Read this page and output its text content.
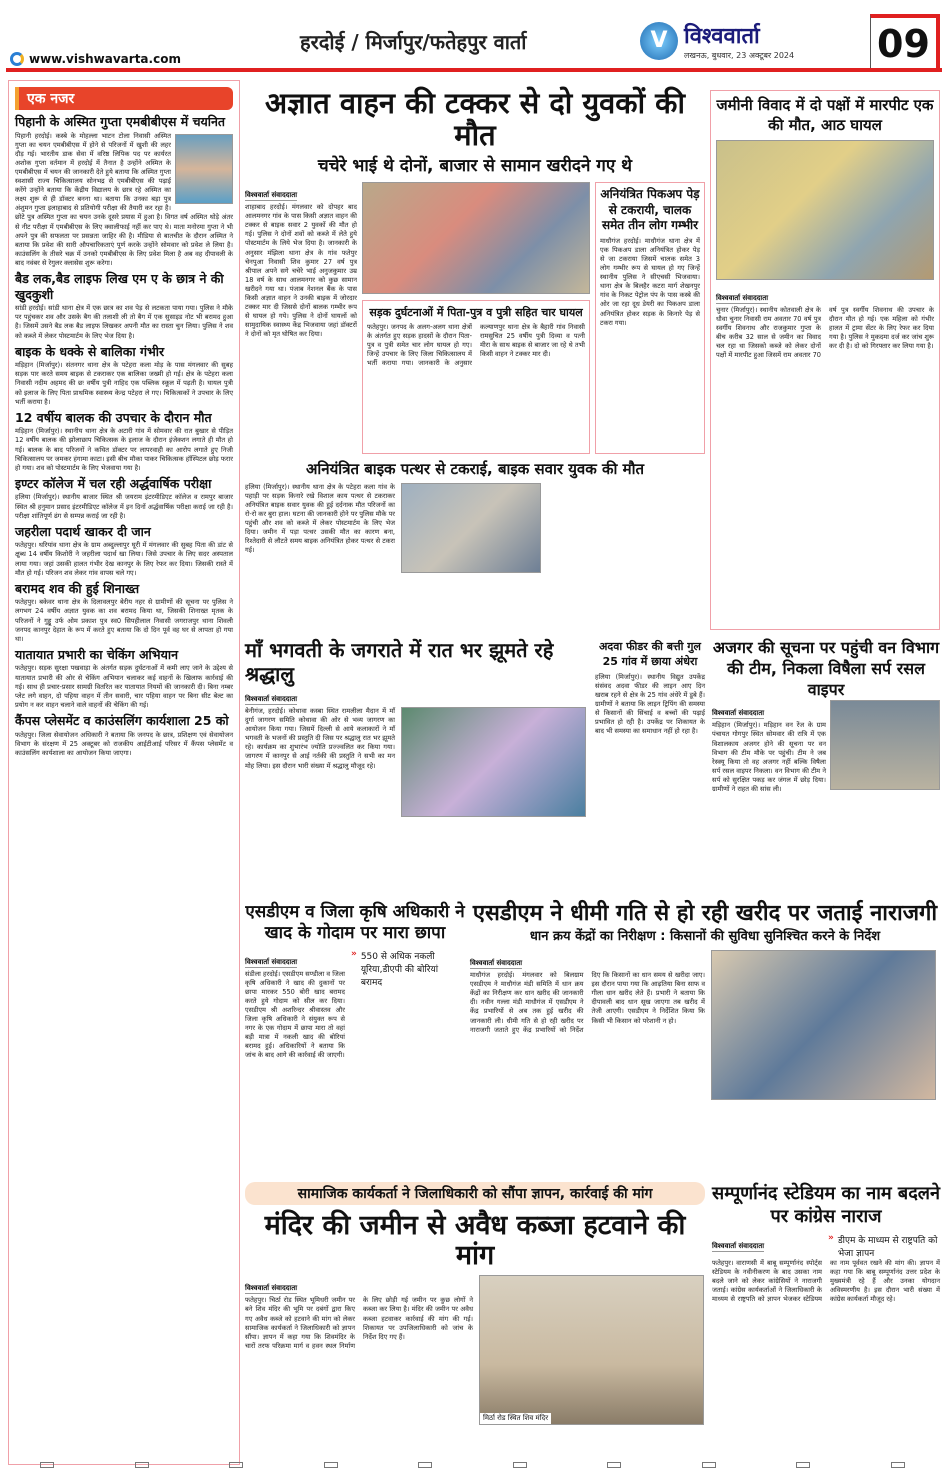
हरदोई / मिर्जापुर/फतेहपुर वार्ता
www.vishwavarta.com
V विश्ववार्ता
लखनऊ, बुधवार, 23 अक्टूबर 2024 09
एक नजर
पिहानी के अस्मित गुप्ता एमबीबीएस में चयनित

पिहानी हरदोई। कस्बे के मोहल्ला भाटन टोला निवासी अस्मित गुप्ता का चयन एमबीबीएस में होने से परिजनों में खुशी की लहर दौड़ गई। भारतीय डाक सेवा में वरिष्ठ लिपिक पद पर कार्यरत अशोक गुप्ता वर्तमान में हरदोई में तैनात है उन्होंने अस्मित के एमबीबीएस में चयन की जानकारी देते हुये बताया कि अस्मित गुप्ता स्वशासी राज्य चिकित्सालय सोनभद्र से एमबीबीएस की पढ़ाई करेंगे उन्होंने बताया कि केंद्रीय विद्यालय के छात्र रहे अस्मित का लक्ष्य शुरू से ही डॉक्टर बनना था। बताया कि उनका बड़ा पुत्र अंशुमन गुप्ता इलाहाबाद से प्रतियोगी परीक्षा की तैयारी कर रहा है। छोटे पुत्र अस्मित गुप्ता का चयन उनके दूसरे प्रयास में हुआ है। विगत वर्ष अस्मित थोड़े अंतर से नीट परीक्षा में एमबीबीएस के लिए क्वालीफाई नहीं कर पाए थे। माता मनोरमा गुप्ता ने भी अपने पुत्र की सफलता पर प्रसन्नता जाहिर की है। मीडिया से बातचीत के दौरान अस्मित ने बताया कि प्रवेश की सारी औपचारिकताएं पूर्ण करके उन्होंने सोमवार को प्रवेश ले लिया है। काउंसलिंग के तीसरे चक्र में उनको एमबीबीएस के लिए प्रवेश मिला है अब वह दीपावली के बाद नवंबर से रेगुलर क्लासेस शुरू करेगा।

बैड लक,बैड लाइफ लिख एम ए के छात्र ने की खुदकुशी

सांडी हरदोई। सांडी थाना क्षेत्र में एक छात्र का शव पेड़ से लटकता पाया गया। पुलिस ने मौके पर पहुंचकर शव और उसके बैग की तलाशी ली तो बैग में एक सुसाइड नोट भी बरामद हुआ है। जिसमें उसने बैड लक बैड लाइफ लिखकर अपनी मौत का रास्ता चुन लिया। पुलिस ने शव को कब्जे में लेकर पोस्टमार्टम के लिए भेज दिया है।

बाइक के धक्के से बालिका गंभीर

मड़िहान (मिर्जापुर)। संतनगर थाना क्षेत्र के पटेहरा कला मोड़ के पास मंगलवार की सुबह सड़क पार करते समय बाइक से टकराकर एक बालिका जख्मी हो गई। क्षेत्र के पटेहरा कला निवासी नदीम अहमद की छः वर्षीय पुत्री नाहिद एक पब्लिक स्कूल में पढ़ती है। घायल पुत्री को इलाज के लिए पिता प्राथमिक स्वास्थ्य केन्द्र पटेहरा ले गए। चिकित्सकों ने उपचार के लिए भर्ती कराया है।

12 वर्षीय बालक की उपचार के दौरान मौत

मड़िहान (मिर्जापुर)। स्थानीय थाना क्षेत्र के अटारी गांव में सोमवार की रात बुखार से पीड़ित 12 वर्षीय बालक की झोलाछाप चिकित्सक के इलाज के दौरान इंजेक्शन लगाते ही मौत हो गई। बालक के बाद परिजनों ने कथित डॉक्टर पर लापरवाही का आरोप लगाते हुए निजी चिकित्सालय पर जमकर हंगामा काटा। इसी बीच मौका पाकर चिकित्सक हॉस्पिटल छोड़ फरार हो गया। शव को पोस्टमार्टम के लिए भेजवाया गया है।

इण्टर कॉलेज में चल रही अर्द्धवार्षिक परीक्षा

हलिया (मिर्जापुर)। स्थानीय बाजार स्थित श्री जयराम इंटरमीडिएट कॉलेज व रामपुर बाजार स्थित श्री हनुमान प्रसाद इंटरमीडिएट कॉलेज में इन दिनों अर्द्धवार्षिक परीक्षा कराई जा रही है। परीक्षा शांतिपूर्ण ढंग से सम्पन्न कराई जा रही है।

जहरीला पदार्थ खाकर दी जान

फतेहपुर। थरियांव थाना क्षेत्र के ग्राम अब्दुल्लापुर घूरी में मंगलवार की सुबह पिता की डांट से क्षुब्ध 14 वर्षीय किशोरी ने जहरीला पदार्थ खा लिया। जिसे उपचार के लिए सदर अस्पताल लाया गया। जहां उसकी हालत गंभीर देख कानपुर के लिए रेफर कर दिया। जिसकी रास्ते में मौत हो गई। परिजन शव लेकर गांव वापस चले गए।

बरामद शव की हुई शिनाख्त

फतेहपुर। बकेवर थाना क्षेत्र के दिलावलपुर बेरीय नहर से ग्रामीणों की सूचना पर पुलिस ने लगभग 24 वर्षीय अज्ञात युवक का शव बरामद किया था, जिसकी शिनाख्त मृतक के परिजनों ने गुड्डू उर्फ ओम प्रकाश पुत्र स्व0 सिपहीलाल निवासी जगराजपुर थाना शिवली जनपद कानपुर देहात के रूप में करते हुए बताया कि दो दिन पूर्व वह घर से लापता हो गया था।

यातायात प्रभारी का चेकिंग अभियान

फतेहपुर। सड़क सुरक्षा पखवाड़ा के अंतर्गत सड़क दुर्घटनाओं में कमी लाए जाने के उद्देश्य से यातायात प्रभारी की ओर से चेकिंग अभियान चलाकर कई वाहनों के खिलाफ कार्रवाई की गई। साथ ही प्रचार-प्रसार सामग्री वितरित कर यातायात नियमों की जानकारी दी। बिना नम्बर प्लेट लगे वाहन, दो पहिया वाहन में तीन सवारी, चार पहिया वाहन पर बिना सीट बेल्ट का प्रयोग न कर वाहन चलाने वाले वाहनों की चेकिंग की गई।

कैंपस प्लेसमेंट व काउंसलिंग कार्यशाला 25 को

फतेहपुर। जिला सेवायोजन अधिकारी ने बताया कि जनपद के छात्र, प्रशिक्षण एवं सेवायोजन विभाग के संरक्षण में 25 अक्टूबर को राजकीय आईटीआई परिसर में कैंपस प्लेसमेंट व काउंसलिंग कार्यशाला का आयोजन किया जाएगा।

अज्ञात वाहन की टक्कर से दो युवकों की मौत
चचेरे भाई थे दोनों, बाजार से सामान खरीदने गए थे
विश्ववार्ता संवाददाता

शाहाबाद हरदोई। मंगलवार को दोपहर बाद आलमनगर गांव के पास किसी अज्ञात वाहन की टक्कर से बाइक सवार 2 युवकों की मौत हो गई। पुलिस ने दोनों शवों को कब्जे में लेते हुये पोस्टमार्टम के लिये भेज दिया है। जानकारी के अनुसार मंझिला थाना क्षेत्र के गांव फतेपुर चेनपुआ निवासी शिव कुमार 27 वर्ष पुत्र श्रीपाल अपने सगे चचेरे भाई अनुजकुमार उम्र 18 वर्ष के साथ आलमनगर को कुछ सामान खरीदने गया था। पंजाब नेशनल बैंक के पास किसी अज्ञात वाहन ने उनकी बाइक में जोरदार टक्कर मार दी जिससे दोनों बालक गम्भीर रूप से घायल हो गये। पुलिस ने दोनों घायलों को सामुदायिक स्वास्थ्य केंद्र भिजवाया जहां डॉक्टरों ने दोनों को मृत घोषित कर दिया।

सड़क दुर्घटनाओं में पिता-पुत्र व पुत्री सहित चार घायल

फतेहपुर। जनपद के अलग-अलग थाना क्षेत्रों के अंतर्गत हुए सड़क हादसों के दौरान पिता-पुत्र व पुत्री समेत चार लोग घायल हो गए। जिन्हें उपचार के लिए जिला चिकित्सालय में भर्ती कराया गया। जानकारी के अनुसार कल्याणपुर थाना क्षेत्र के बैहारी गांव निवासी रामसुचित 25 वर्षीय पुत्री दिव्या व पत्नी मीरा के साथ बाइक से बाजार जा रहे थे तभी किसी वाहन ने टक्कर मार दी।

अनियंत्रित पिकअप पेड़ से टकरायी, चालक समेत तीन लोग गम्भीर

माधौगंज हरदोई। माधौगंज थाना क्षेत्र में एक पिकअप डाला अनियंत्रित होकर पेड़ से जा टकराया जिसमें चालक समेत 3 लोग गम्भीर रूप से घायल हो गए जिन्हें स्थानीय पुलिस ने सीएचसी भिजवाया। थाना क्षेत्र के बिलहैर कटरा मार्ग शेखनपुर गांव के निकट पेट्रोल पंप के पास कस्बे की ओर जा रहा दूध डेयरी का पिकअप डाला अनियंत्रित होकर सड़क के किनारे पेड़ से टकरा गया।

अनियंत्रित बाइक पत्थर से टकराई, बाइक सवार युवक की मौत

हलिया (मिर्जापुर)। स्थानीय थाना क्षेत्र के पटेहरा कला गांव के पहाड़ी पर सड़क किनारे रखे विशाल काय पत्थर से टकराकर अनियंत्रित बाइक सवार युवक की हुई दर्दनाक मौत परिजनों का रो-रो कर बुरा हाल। घटना की जानकारी होने पर पुलिस मौके पर पहुंची और शव को कब्जे में लेकर पोस्टमार्टम के लिए भेज दिया। जमीन में पड़ा पत्थर उसकी मौत का कारण बना, रिश्तेदारी से लौटते समय बाइक अनियंत्रित होकर पत्थर से टकरा गई।

जमीनी विवाद में दो पक्षों में मारपीट एक की मौत, आठ घायल
विश्ववार्ता संवाददाता

चुनार (मिर्जापुर)। स्थानीय कोतवाली क्षेत्र के धौवा चुनार निवासी राम अवतार 70 वर्ष पुत्र स्वर्गीय शिवनाथ और राजकुमार गुप्ता के बीच करीब 32 साल से जमीन का विवाद चल रहा था जिसको कब्जे को लेकर दोनों पक्षों में मारपीट हुआ जिसमें राम अवतार 70 वर्ष पुत्र स्वर्गीय शिवनाथ की उपचार के दौरान मौत हो गई। एक महिला को गंभीर हालत में ट्रामा सेंटर के लिए रेफर कर दिया गया है। पुलिस ने मुकदमा दर्ज कर जांच शुरू कर दी है। दो को गिरफ्तार कर लिया गया है।

माँ भगवती के जगराते में रात भर झूमते रहे श्रद्धालु
विश्ववार्ता संवाददाता

बेनीगंज, हरदोई। कोथावा कस्बा स्थित रामलीला मैदान में माँ दुर्गा जागरण समिति कोथावा की ओर से भव्य जागरण का आयोजन किया गया। जिसमें दिल्ली से आये कलाकारों ने माँ भगवती के भजनों की प्रस्तुति दी जिस पर श्रद्धालु रात भर झूमते रहे। कार्यक्रम का शुभारंभ ज्योति प्रज्ज्वलित कर किया गया। जागरण में कानपुर से आई नर्तकी की प्रस्तुति ने सभी का मन मोह लिया। इस दौरान भारी संख्या में श्रद्धालु मौजूद रहे।

अदवा फीडर की बत्ती गुल 25 गांव में छाया अंधेरा

हलिया (मिर्जापुर)। स्थानीय विद्युत उपकेंद्र संसंवद अदवा फीडर की लाइन आए दिन खराब रहने से क्षेत्र के 25 गांव अंधेरे में डूबे हैं। ग्रामीणों ने बताया कि लाइन ट्रिपिंग की समस्या से किसानों की सिंचाई व बच्चों की पढ़ाई प्रभावित हो रही है। उपकेंद्र पर शिकायत के बाद भी समस्या का समाधान नहीं हो रहा है।

अजगर की सूचना पर पहुंची वन विभाग की टीम, निकला विषैला सर्प रसल वाइपर
विश्ववार्ता संवाददाता

मड़िहान (मिर्जापुर)। मड़िहान वन रेंज के ग्राम पंचायत गोगपुर स्थित सोमवार की रात्रि में एक विशालकाय अजगर होने की सूचना पर वन विभाग की टीम मौके पर पहुंची। टीम ने जब रेस्क्यू किया तो वह अजगर नहीं बल्कि विषैला सर्प रसल वाइपर निकला। वन विभाग की टीम ने सर्प को सुरक्षित पकड़ कर जंगल में छोड़ दिया। ग्रामीणों ने राहत की सांस ली।

एसडीएम व जिला कृषि अधिकारी ने खाद के गोदाम पर मारा छापा
विश्ववार्ता संवाददाता

संडीला हरदोई। एसडीएम सण्डीला व जिला कृषि अधिकारी ने खाद की दुकानों पर छापा मारकर 550 बोरी खाद बरामद करते हुये गोदाम को सील कर दिया। एसडीएम श्री अशरिन्दर श्रीवास्तव और जिला कृषि अधिकारी ने संयुक्त रूप से नगर के एक गोदाम में छापा मारा तो वहां बड़ी मात्रा में नकली खाद की बोरियां बरामद हुई। अधिकारियों ने बताया कि जांच के बाद आगे की कार्रवाई की जाएगी।

» 550 से अधिक नकली यूरिया,डीएपी की बोरियां बरामद
एसडीएम ने धीमी गति से हो रही खरीद पर जताई नाराजगी
धान क्रय केंद्रों का निरीक्षण : किसानों की सुविधा सुनिश्चित करने के निर्देश
विश्ववार्ता संवाददाता

माधौगंज हरदोई। मंगलवार को बिलग्राम एसडीएम ने माधौगंज मंडी समिति में धान क्रय केंद्रों का निरीक्षण कर धान खरीद की जानकारी दी। नवीन गल्ला मंडी माधौगंज में एसडीएम ने केंद्र प्रभारियों से अब तक हुई खरीद की जानकारी ली। धीमी गति से हो रही खरीद पर नाराजगी जताते हुए केंद्र प्रभारियों को निर्देश दिए कि किसानों का धान समय से खरीदा जाए। इस दौरान पाया गया कि आढ़तिया बिना साफ व गीला धान खरीद लेते हैं। प्रभारी ने बताया कि दीपावली बाद धान सूख जाएगा तब खरीद में तेजी आएगी। एसडीएम ने निर्देशित किया कि किसी भी किसान को परेशानी न हो।

सामाजिक कार्यकर्ता ने जिलाधिकारी को सौंपा ज्ञापन, कार्रवाई की मांग
मंदिर की जमीन से अवैध कब्जा हटवाने की मांग
विश्ववार्ता संवाददाता

फतेहपुर। चिर्ठा रोड स्थित भूमिधरी जमीन पर बने शिव मंदिर की भूमि पर दबंगों द्वारा किए गए अवैध कब्जे को हटवाने की मांग को लेकर सामाजिक कार्यकर्ता ने जिलाधिकारी को ज्ञापन सौंपा। ज्ञापन में कहा गया कि शिवमंदिर के चारों तरफ परिक्रमा मार्ग व हवन स्थल निर्माण के लिए छोड़ी गई जमीन पर कुछ लोगों ने कब्जा कर लिया है। मंदिर की जमीन पर अवैध कब्जा हटवाकर कार्रवाई की मांग की गई। शिकायत पर उपजिलाधिकारी को जांच के निर्देश दिए गए हैं।

मिर्ठा रोड स्थित शिव मंदिर
सम्पूर्णानंद स्टेडियम का नाम बदलने पर कांग्रेस नाराज
विश्ववार्ता संवाददाता
» डीएम के माध्यम से राष्ट्रपति को भेजा ज्ञापन

फतेहपुर। वाराणसी में बाबू सम्पूर्णानंद स्पोर्ट्स स्टेडियम के नवीनीकरण के बाद उसका नाम बदले जाने को लेकर कांग्रेसियों ने नाराजगी जताई। कांग्रेस कार्यकर्ताओं ने जिलाधिकारी के माध्यम से राष्ट्रपति को ज्ञापन भेजकर स्टेडियम का नाम पूर्ववत रखने की मांग की। ज्ञापन में कहा गया कि बाबू सम्पूर्णानंद उत्तर प्रदेश के मुख्यमंत्री रहे हैं और उनका योगदान अविस्मरणीय है। इस दौरान भारी संख्या में कांग्रेस कार्यकर्ता मौजूद रहे।
